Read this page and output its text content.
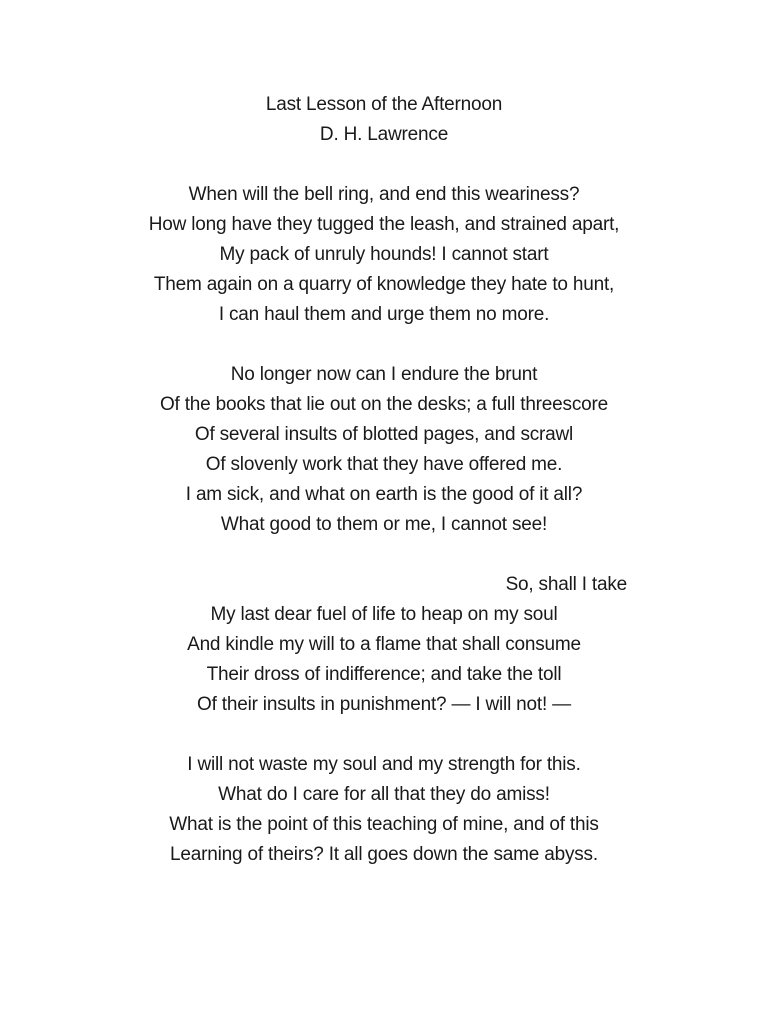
Last Lesson of the Afternoon
D. H. Lawrence
When will the bell ring, and end this weariness?
How long have they tugged the leash, and strained apart,
My pack of unruly hounds! I cannot start
Them again on a quarry of knowledge they hate to hunt,
I can haul them and urge them no more.
No longer now can I endure the brunt
Of the books that lie out on the desks; a full threescore
Of several insults of blotted pages, and scrawl
Of slovenly work that they have offered me.
I am sick, and what on earth is the good of it all?
What good to them or me, I cannot see!
So, shall I take
My last dear fuel of life to heap on my soul
And kindle my will to a flame that shall consume
Their dross of indifference; and take the toll
Of their insults in punishment? — I will not! —
I will not waste my soul and my strength for this.
What do I care for all that they do amiss!
What is the point of this teaching of mine, and of this
Learning of theirs? It all goes down the same abyss.
